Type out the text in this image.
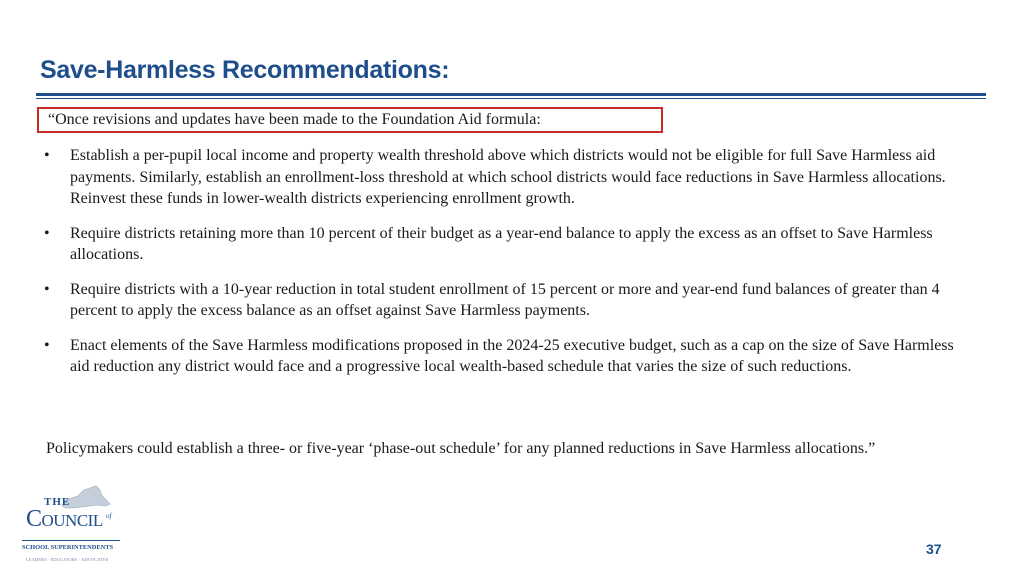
Save-Harmless Recommendations:
“Once revisions and updates have been made to the Foundation Aid formula:
• Establish a per-pupil local income and property wealth threshold above which districts would not be eligible for full Save Harmless aid payments. Similarly, establish an enrollment-loss threshold at which school districts would face reductions in Save Harmless allocations. Reinvest these funds in lower-wealth districts experiencing enrollment growth.
• Require districts retaining more than 10 percent of their budget as a year-end balance to apply the excess as an offset to Save Harmless allocations.
• Require districts with a 10-year reduction in total student enrollment of 15 percent or more and year-end fund balances of greater than 4 percent to apply the excess balance as an offset against Save Harmless payments.
• Enact elements of the Save Harmless modifications proposed in the 2024-25 executive budget, such as a cap on the size of Save Harmless aid reduction any district would face and a progressive local wealth-based schedule that varies the size of such reductions.

Policymakers could establish a three- or five-year ‘phase-out schedule’ for any planned reductions in Save Harmless allocations.”

THE
Council of
SCHOOL SUPERINTENDENTS
LEADERS · EDUCATORS · ADVOCATES
37
